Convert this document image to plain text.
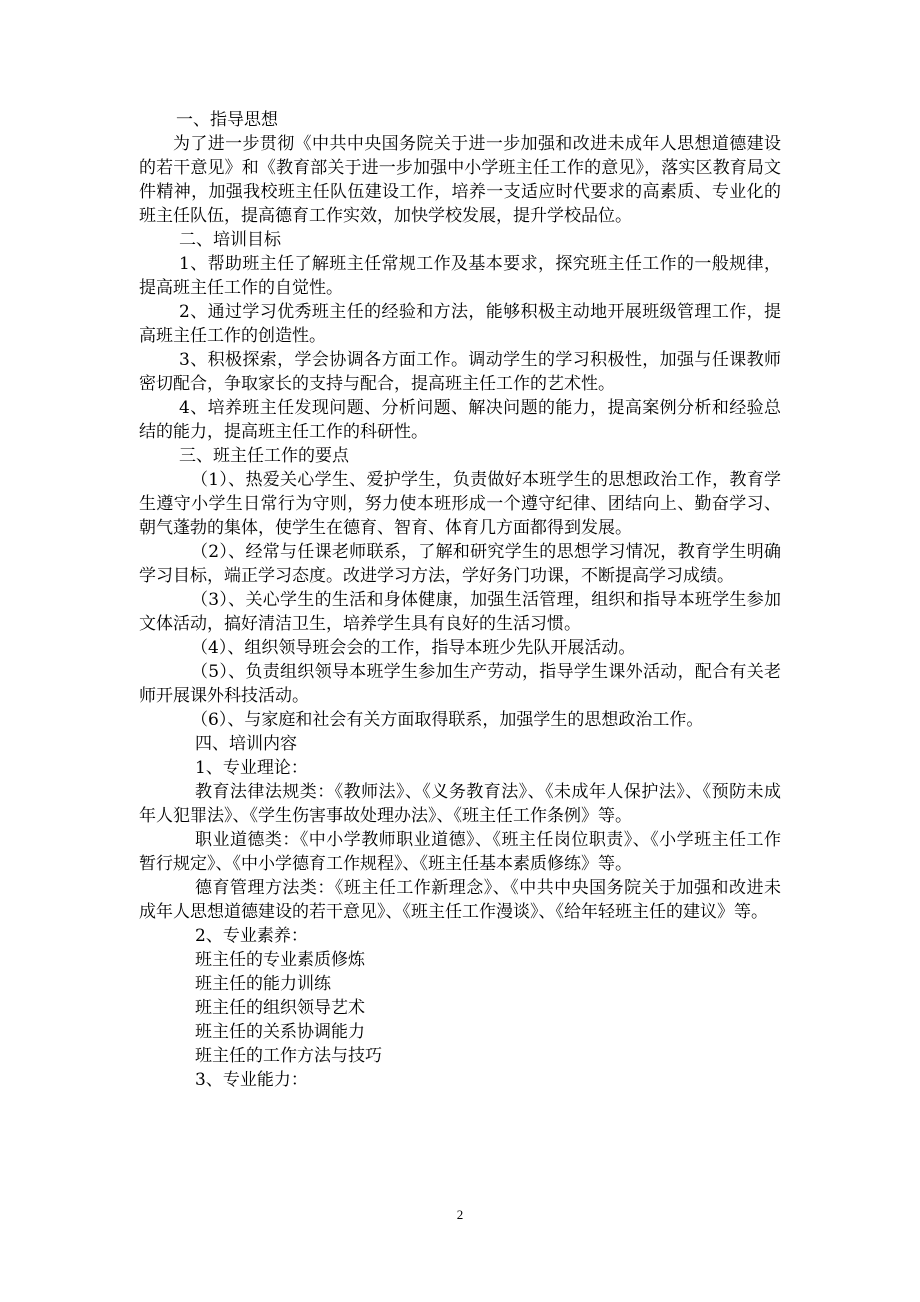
一、指导思想

为了进一步贯彻《中共中央国务院关于进一步加强和改进未成年人思想道德建设的若干意见》和《教育部关于进一步加强中小学班主任工作的意见》，落实区教育局文件精神，加强我校班主任队伍建设工作，培养一支适应时代要求的高素质、专业化的班主任队伍，提高德育工作实效，加快学校发展，提升学校品位。

二、培训目标

1、帮助班主任了解班主任常规工作及基本要求，探究班主任工作的一般规律，提高班主任工作的自觉性。

2、通过学习优秀班主任的经验和方法，能够积极主动地开展班级管理工作，提高班主任工作的创造性。

3、积极探索，学会协调各方面工作。调动学生的学习积极性，加强与任课教师密切配合，争取家长的支持与配合，提高班主任工作的艺术性。

4、培养班主任发现问题、分析问题、解决问题的能力，提高案例分析和经验总结的能力，提高班主任工作的科研性。

三、班主任工作的要点

（1）、热爱关心学生、爱护学生，负责做好本班学生的思想政治工作，教育学生遵守小学生日常行为守则，努力使本班形成一个遵守纪律、团结向上、勤奋学习、朝气蓬勃的集体，使学生在德育、智育、体育几方面都得到发展。

（2）、经常与任课老师联系，了解和研究学生的思想学习情况，教育学生明确学习目标，端正学习态度。改进学习方法，学好务门功课，不断提高学习成绩。

（3）、关心学生的生活和身体健康，加强生活管理，组织和指导本班学生参加文体活动，搞好清洁卫生，培养学生具有良好的生活习惯。

（4）、组织领导班会会的工作，指导本班少先队开展活动。

（5）、负责组织领导本班学生参加生产劳动，指导学生课外活动，配合有关老师开展课外科技活动。

（6）、与家庭和社会有关方面取得联系，加强学生的思想政治工作。

四、培训内容

1、专业理论：

教育法律法规类：《教师法》、《义务教育法》、《未成年人保护法》、《预防未成年人犯罪法》、《学生伤害事故处理办法》、《班主任工作条例》等。

职业道德类：《中小学教师职业道德》、《班主任岗位职责》、《小学班主任工作暂行规定》、《中小学德育工作规程》、《班主任基本素质修练》等。

德育管理方法类：《班主任工作新理念》、《中共中央国务院关于加强和改进未成年人思想道德建设的若干意见》、《班主任工作漫谈》、《给年轻班主任的建议》等。

2、专业素养：

班主任的专业素质修炼

班主任的能力训练

班主任的组织领导艺术

班主任的关系协调能力

班主任的工作方法与技巧

3、专业能力：

2
